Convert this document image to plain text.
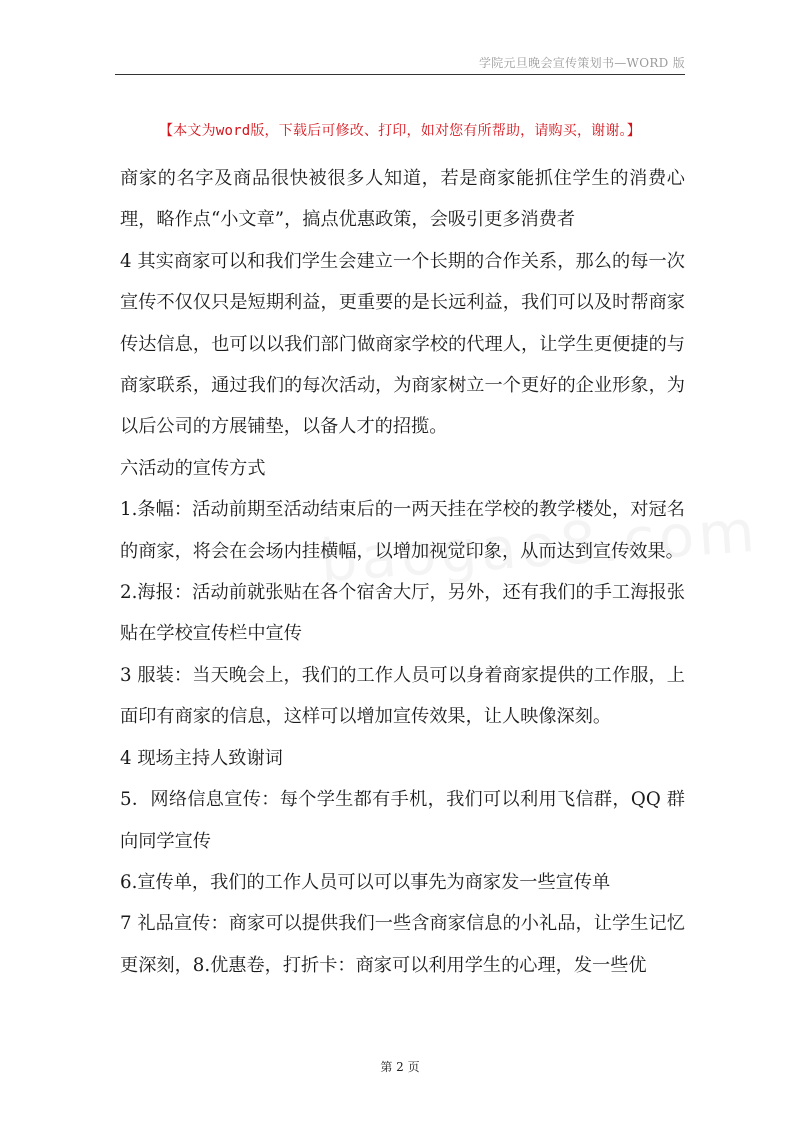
学院元旦晚会宣传策划书—WORD 版
【本文为word版，下载后可修改、打印，如对您有所帮助，请购买，谢谢。】

商家的名字及商品很快被很多人知道，若是商家能抓住学生的消费心理，略作点“小文章”，搞点优惠政策，会吸引更多消费者

4 其实商家可以和我们学生会建立一个长期的合作关系，那么的每一次宣传不仅仅只是短期利益，更重要的是长远利益，我们可以及时帮商家传达信息，也可以以我们部门做商家学校的代理人，让学生更便捷的与商家联系，通过我们的每次活动，为商家树立一个更好的企业形象，为以后公司的方展铺垫，以备人才的招揽。

六活动的宣传方式

1.条幅：活动前期至活动结束后的一两天挂在学校的教学楼处，对冠名的商家，将会在会场内挂横幅，以增加视觉印象，从而达到宣传效果。

2.海报：活动前就张贴在各个宿舍大厅，另外，还有我们的手工海报张贴在学校宣传栏中宣传

3 服装：当天晚会上，我们的工作人员可以身着商家提供的工作服，上面印有商家的信息，这样可以增加宣传效果，让人映像深刻。

4 现场主持人致谢词

5．网络信息宣传：每个学生都有手机，我们可以利用飞信群，QQ 群向同学宣传

6.宣传单，我们的工作人员可以可以事先为商家发一些宣传单

7 礼品宣传：商家可以提供我们一些含商家信息的小礼品，让学生记忆更深刻，8.优惠卷，打折卡：商家可以利用学生的心理，发一些优

第 2 页
